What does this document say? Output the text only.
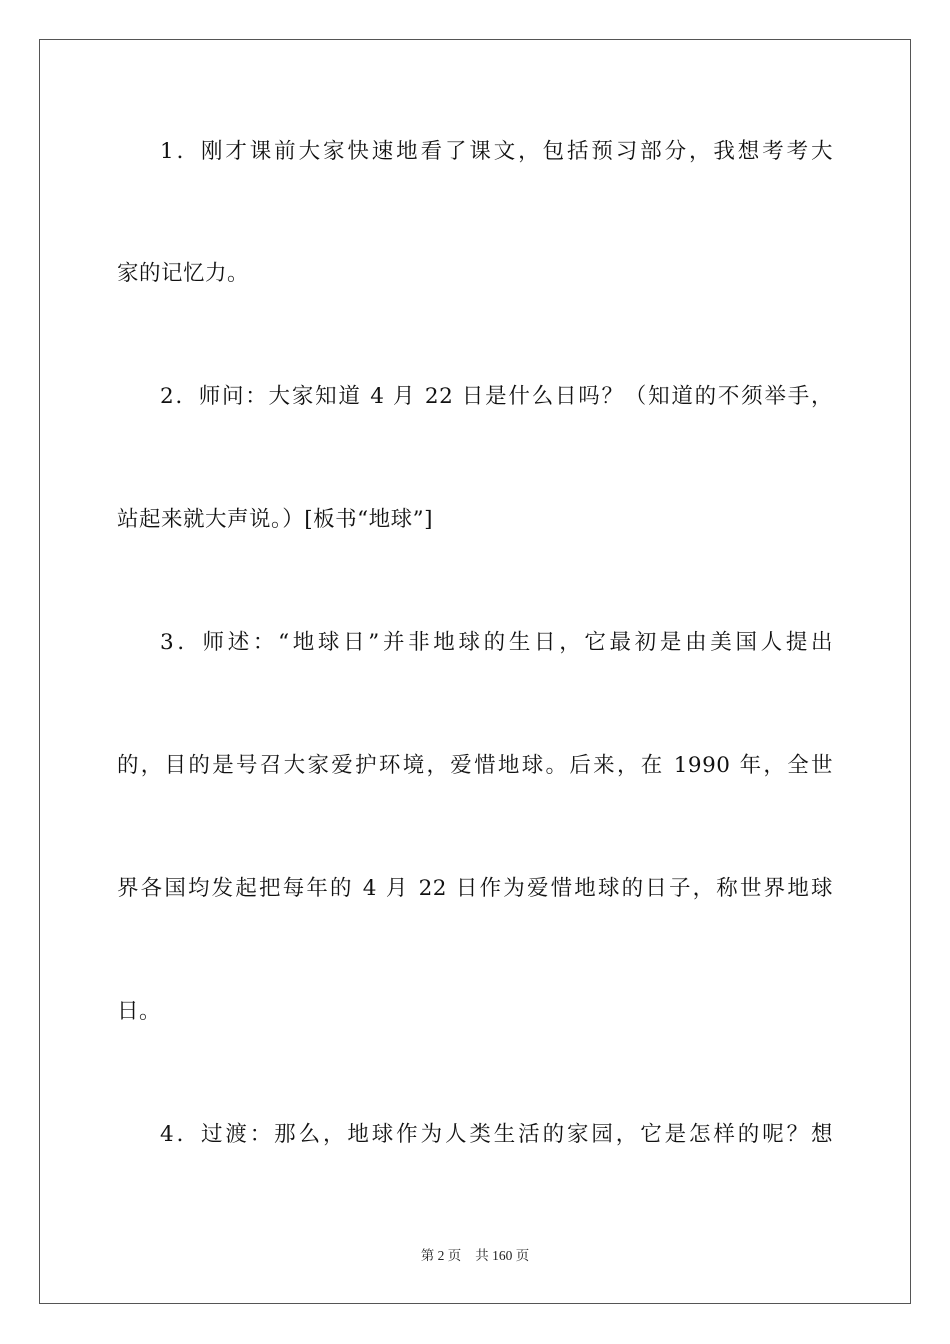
1．刚才课前大家快速地看了课文，包括预习部分，我想考考大
家的记忆力。
2．师问：大家知道 4 月 22 日是什么日吗？（知道的不须举手，
站起来就大声说。）[板书“地球”]
3．师述：“地球日”并非地球的生日，它最初是由美国人提出
的，目的是号召大家爱护环境，爱惜地球。后来，在 1990 年，全世
界各国均发起把每年的 4 月 22 日作为爱惜地球的日子，称世界地球
日。
4．过渡：那么，地球作为人类生活的家园，它是怎样的呢？想
第 2 页 共 160 页
